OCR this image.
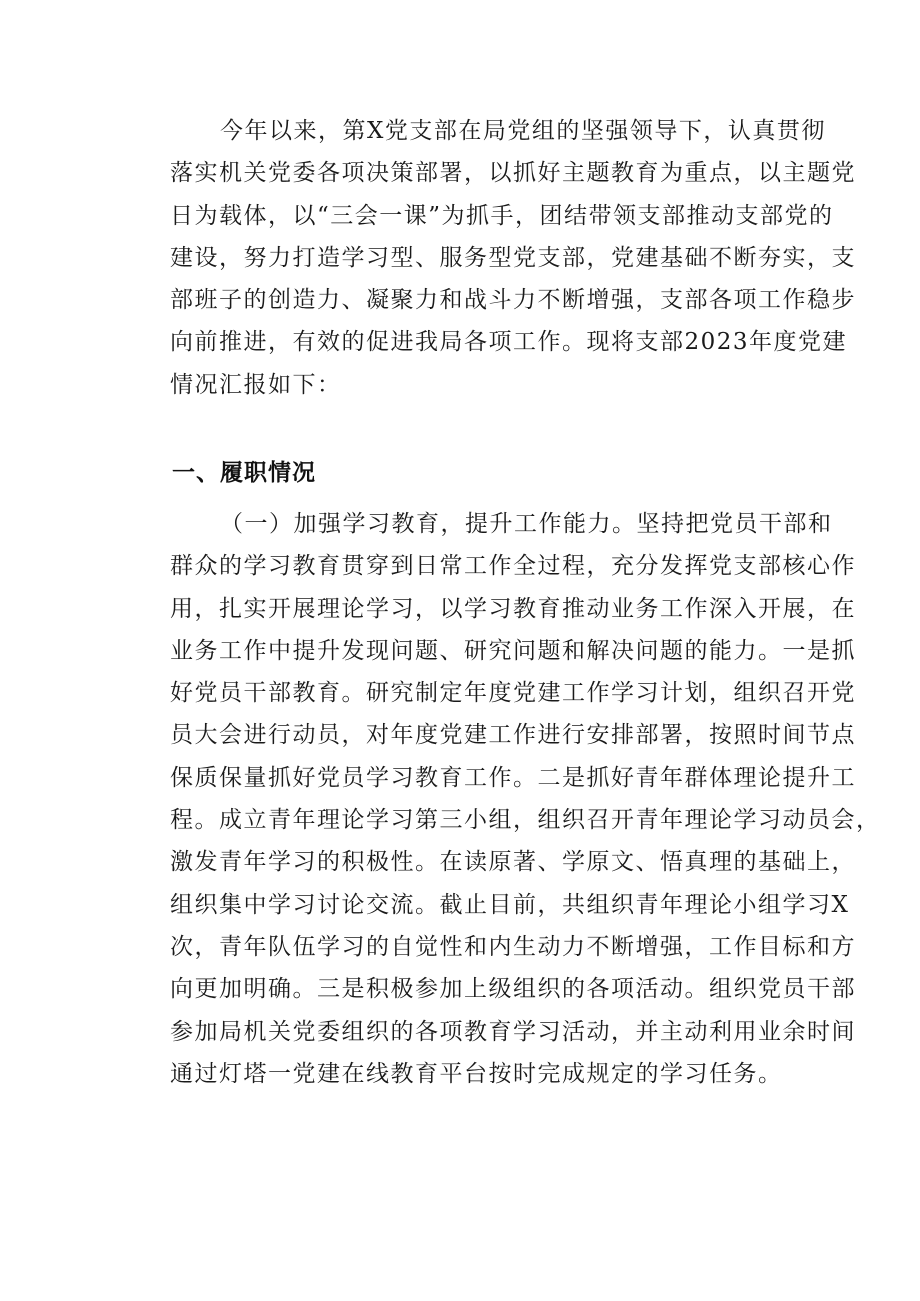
今年以来，第X党支部在局党组的坚强领导下，认真贯彻
落实机关党委各项决策部署，以抓好主题教育为重点，以主题党
日为载体，以“三会一课”为抓手，团结带领支部推动支部党的
建设，努力打造学习型、服务型党支部，党建基础不断夯实，支
部班子的创造力、凝聚力和战斗力不断增强，支部各项工作稳步
向前推进，有效的促进我局各项工作。现将支部2023年度党建
情况汇报如下：
一、履职情况
（一）加强学习教育，提升工作能力。坚持把党员干部和
群众的学习教育贯穿到日常工作全过程，充分发挥党支部核心作
用，扎实开展理论学习，以学习教育推动业务工作深入开展，在
业务工作中提升发现问题、研究问题和解决问题的能力。一是抓
好党员干部教育。研究制定年度党建工作学习计划，组织召开党
员大会进行动员，对年度党建工作进行安排部署，按照时间节点
保质保量抓好党员学习教育工作。二是抓好青年群体理论提升工
程。成立青年理论学习第三小组，组织召开青年理论学习动员会，
激发青年学习的积极性。在读原著、学原文、悟真理的基础上，
组织集中学习讨论交流。截止目前，共组织青年理论小组学习X
次，青年队伍学习的自觉性和内生动力不断增强，工作目标和方
向更加明确。三是积极参加上级组织的各项活动。组织党员干部
参加局机关党委组织的各项教育学习活动，并主动利用业余时间
通过灯塔一党建在线教育平台按时完成规定的学习任务。
